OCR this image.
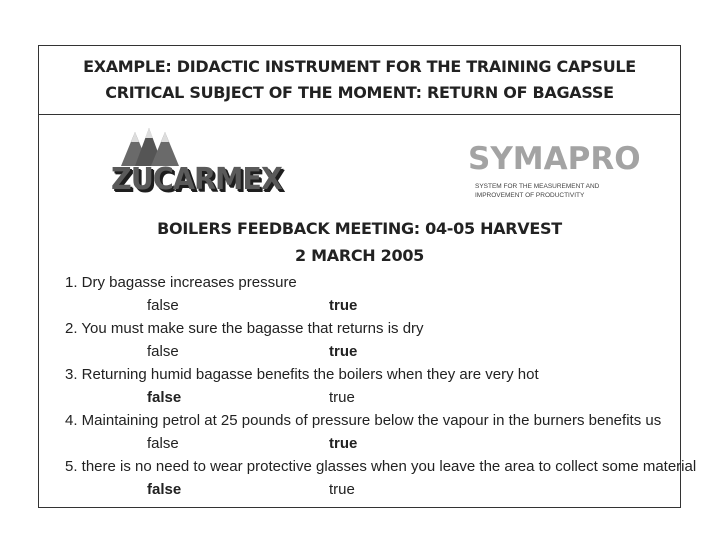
EXAMPLE: DIDACTIC INSTRUMENT FOR THE TRAINING CAPSULE
CRITICAL SUBJECT OF THE MOMENT: RETURN OF BAGASSE
ZUCARMEX
SYMAPRO
SYSTEM FOR THE MEASUREMENT AND IMPROVEMENT OF PRODUCTIVITY
BOILERS FEEDBACK MEETING: 04-05 HARVEST
2 MARCH 2005
1. Dry bagasse increases pressure
false	true
2. You must make sure the bagasse that returns is dry
false	true
3. Returning humid bagasse benefits the boilers when they are very hot
false	true
4. Maintaining petrol at 25 pounds of pressure below the vapour in the burners benefits us
false	true
5. there is no need to wear protective glasses when you leave the area to collect some material
false	true
